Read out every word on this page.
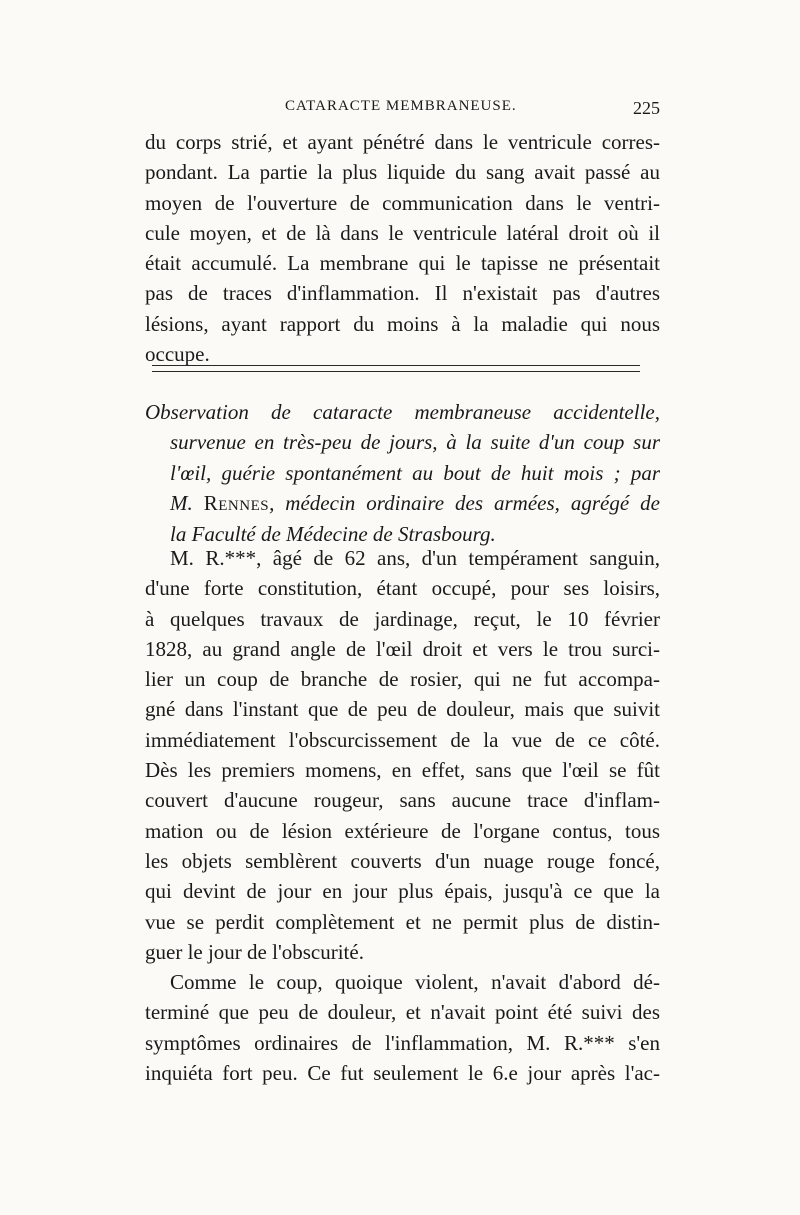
CATARACTE MEMBRANEUSE.	225
du corps strié, et ayant pénétré dans le ventricule corres-
pondant. La partie la plus liquide du sang avait passé au
moyen de l'ouverture de communication dans le ventri-
cule moyen, et de là dans le ventricule latéral droit où il
était accumulé. La membrane qui le tapisse ne présentait
pas de traces d'inflammation. Il n'existait pas d'autres
lésions, ayant rapport du moins à la maladie qui nous
occupe.
Observation de cataracte membraneuse accidentelle,
survenue en très-peu de jours, à la suite d'un coup sur
l'œil, guérie spontanément au bout de huit mois ; par
M. Rennes, médecin ordinaire des armées, agrégé de
la Faculté de Médecine de Strasbourg.
M. R.***, âgé de 62 ans, d'un tempérament sanguin,
d'une forte constitution, étant occupé, pour ses loisirs,
à quelques travaux de jardinage, reçut, le 10 février
1828, au grand angle de l'œil droit et vers le trou surci-
lier un coup de branche de rosier, qui ne fut accompa-
gné dans l'instant que de peu de douleur, mais que suivit
immédiatement l'obscurcissement de la vue de ce côté.
Dès les premiers momens, en effet, sans que l'œil se fût
couvert d'aucune rougeur, sans aucune trace d'inflam-
mation ou de lésion extérieure de l'organe contus, tous
les objets semblèrent couverts d'un nuage rouge foncé,
qui devint de jour en jour plus épais, jusqu'à ce que la
vue se perdit complètement et ne permit plus de distin-
guer le jour de l'obscurité.
Comme le coup, quoique violent, n'avait d'abord dé-
terminé que peu de douleur, et n'avait point été suivi des
symptômes ordinaires de l'inflammation, M. R.*** s'en
inquiéta fort peu. Ce fut seulement le 6.e jour après l'ac-
